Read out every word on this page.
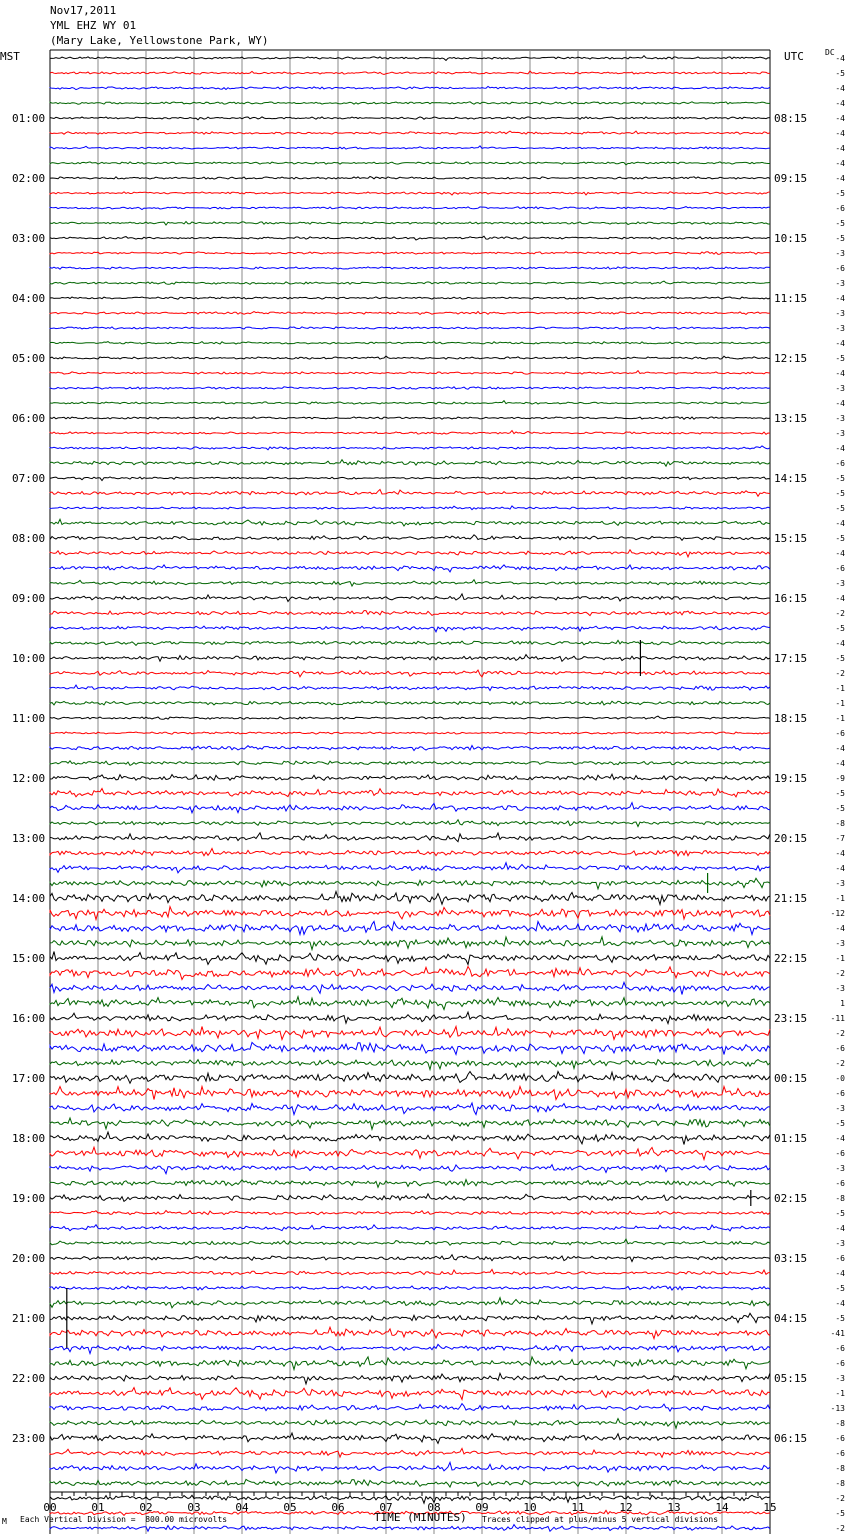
Nov17,2011
YML EHZ WY 01
(Mary Lake, Yellowstone Park, WY)
MST	UTC	DC
00	01	02	03	04	05	06	07	08	09	10	11	12	13	14	15
01:00	08:15
02:00	09:15
03:00	10:15
04:00	11:15
05:00	12:15
06:00	13:15
07:00	14:15
08:00	15:15
09:00	16:15
10:00	17:15
11:00	18:15
12:00	19:15
13:00	20:15
14:00	21:15
15:00	22:15
16:00	23:15
17:00	00:15
18:00	01:15
19:00	02:15
20:00	03:15
21:00	04:15
22:00	05:15
23:00	06:15
-4
-5
-4
-4
-4
-4
-4
-4
-4
-5
-6
-5
-5
-3
-6
-3
-4
-3
-3
-4
-5
-4
-3
-4
-3
-3
-4
-6
-5
-5
-5
-4
-5
-4
-6
-3
-4
-2
-5
-4
-5
-2
-1
-1
-1
-6
-4
-4
-9
-5
-5
-8
-7
-4
-4
-3
-1
-12
-4
-3
-1
-2
-3
1
-11
-2
-6
-2
-0
-6
-3
-5
-4
-6
-3
-6
-8
-5
-4
-3
-6
-4
-5
-4
-5
-41
-6
-6
-3
-1
-13
-8
-6
-6
-8
-8
-2
-5
-2
M Each Vertical Division =  800.00 microvolts	TIME (MINUTES) Traces clipped at plus/minus 5 vertical divisions
